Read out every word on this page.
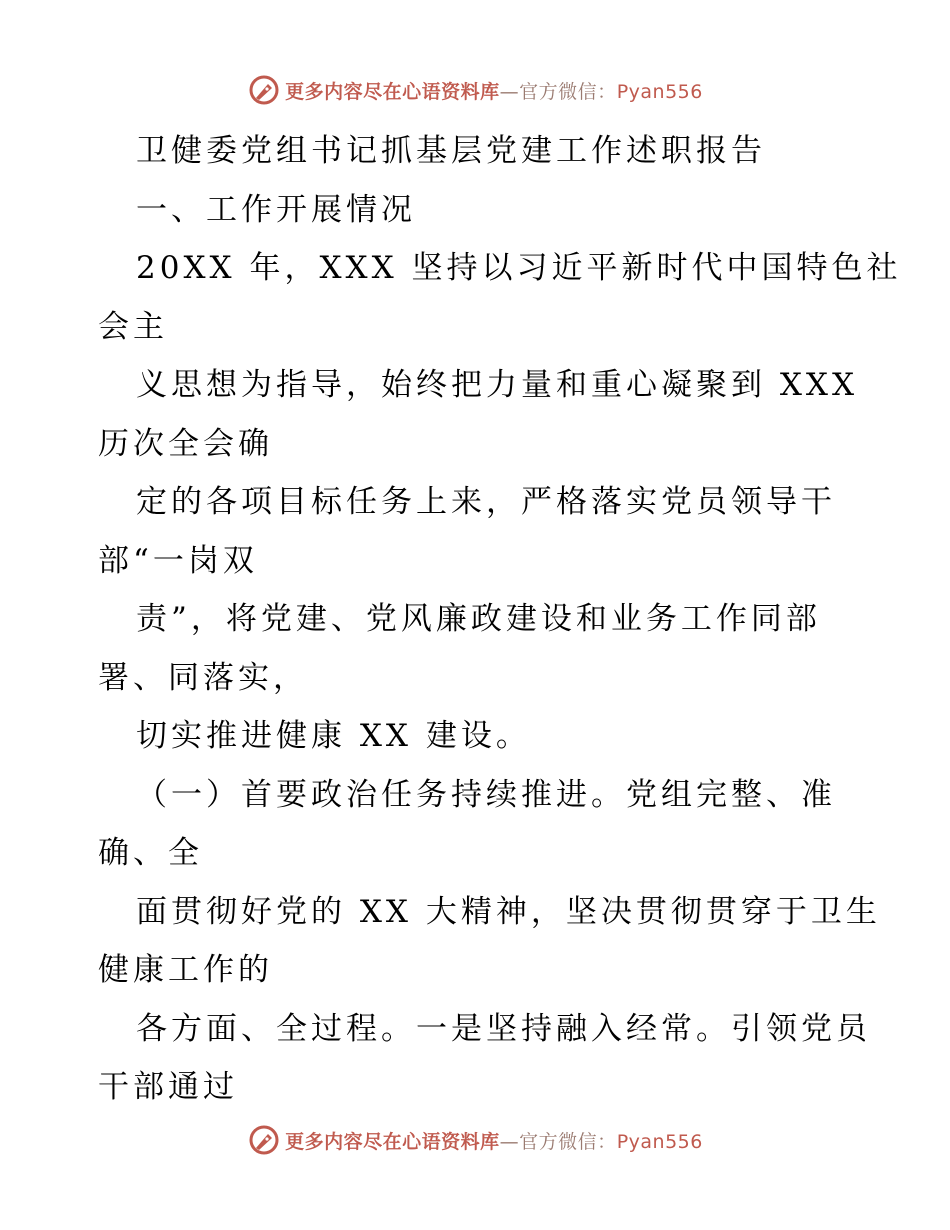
更多内容尽在心语资料库—官方微信：Pyan556
卫健委党组书记抓基层党建工作述职报告
一、工作开展情况
20XX 年，XXX 坚持以习近平新时代中国特色社
会主
义思想为指导，始终把力量和重心凝聚到 XXX
历次全会确
定的各项目标任务上来，严格落实党员领导干
部“一岗双
责”，将党建、党风廉政建设和业务工作同部
署、同落实，
切实推进健康 XX 建设。
（一）首要政治任务持续推进。党组完整、准
确、全
面贯彻好党的 XX 大精神，坚决贯彻贯穿于卫生
健康工作的
各方面、全过程。一是坚持融入经常。引领党员
干部通过
更多内容尽在心语资料库—官方微信：Pyan556
